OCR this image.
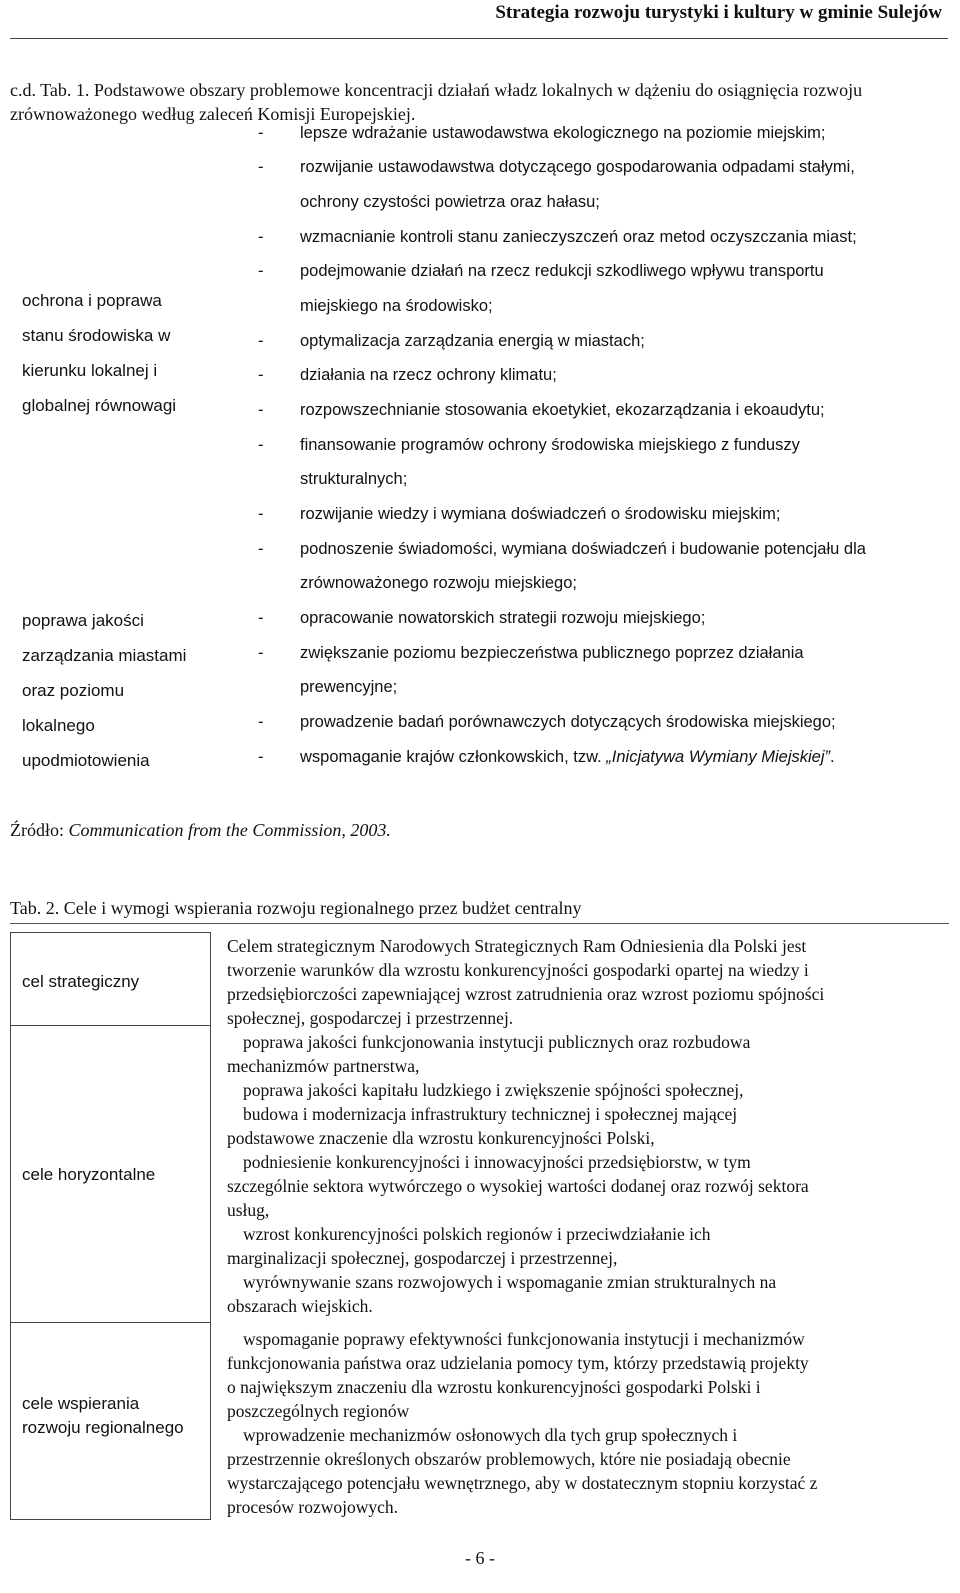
Strategia rozwoju turystyki i kultury w gminie Sulejów
c.d. Tab. 1. Podstawowe obszary problemowe koncentracji działań władz lokalnych w dążeniu do osiągnięcia rozwoju zrównoważonego według zaleceń Komisji Europejskiej.
ochrona i poprawa
stanu środowiska w
kierunku lokalnej i
globalnej równowagi
poprawa jakości
zarządzania miastami
oraz poziomu
lokalnego
upodmiotowienia
- lepsze wdrażanie ustawodawstwa ekologicznego na poziomie miejskim;
- rozwijanie ustawodawstwa dotyczącego gospodarowania odpadami stałymi,
ochrony czystości powietrza oraz hałasu;
- wzmacnianie kontroli stanu zanieczyszczeń oraz metod oczyszczania miast;
- podejmowanie działań na rzecz redukcji szkodliwego wpływu transportu
miejskiego na środowisko;
- optymalizacja zarządzania energią w miastach;
- działania na rzecz ochrony klimatu;
- rozpowszechnianie stosowania ekoetykiet, ekozarządzania i ekoaudytu;
- finansowanie programów ochrony środowiska miejskiego z funduszy
strukturalnych;
- rozwijanie wiedzy i wymiana doświadczeń o środowisku miejskim;
- podnoszenie świadomości, wymiana doświadczeń i budowanie potencjału dla
zrównoważonego rozwoju miejskiego;
- opracowanie nowatorskich strategii rozwoju miejskiego;
- zwiększanie poziomu bezpieczeństwa publicznego poprzez działania
prewencyjne;
- prowadzenie badań porównawczych dotyczących środowiska miejskiego;
- wspomaganie krajów członkowskich, tzw. „Inicjatywa Wymiany Miejskiej”.
Źródło: Communication from the Commission, 2003.
Tab. 2. Cele i wymogi wspierania rozwoju regionalnego przez budżet centralny
cel strategiczny
cele horyzontalne
cele wspierania
rozwoju regionalnego
Celem strategicznym Narodowych Strategicznych Ram Odniesienia dla Polski jest
tworzenie warunków dla wzrostu konkurencyjności gospodarki opartej na wiedzy i
przedsiębiorczości zapewniającej wzrost zatrudnienia oraz wzrost poziomu spójności
społecznej, gospodarczej i przestrzennej.
poprawa jakości funkcjonowania instytucji publicznych oraz rozbudowa
mechanizmów partnerstwa,
poprawa jakości kapitału ludzkiego i zwiększenie spójności społecznej,
budowa i modernizacja infrastruktury technicznej i społecznej mającej
podstawowe znaczenie dla wzrostu konkurencyjności Polski,
podniesienie konkurencyjności i innowacyjności przedsiębiorstw, w tym
szczególnie sektora wytwórczego o wysokiej wartości dodanej oraz rozwój sektora
usług,
wzrost konkurencyjności polskich regionów i przeciwdziałanie ich
marginalizacji społecznej, gospodarczej i przestrzennej,
wyrównywanie szans rozwojowych i wspomaganie zmian strukturalnych na
obszarach wiejskich.
wspomaganie poprawy efektywności funkcjonowania instytucji i mechanizmów
funkcjonowania państwa oraz udzielania pomocy tym, którzy przedstawią projekty
o największym znaczeniu dla wzrostu konkurencyjności gospodarki Polski i
poszczególnych regionów
wprowadzenie mechanizmów osłonowych dla tych grup społecznych i
przestrzennie określonych obszarów problemowych, które nie posiadają obecnie
wystarczającego potencjału wewnętrznego, aby w dostatecznym stopniu korzystać z
procesów rozwojowych.
- 6 -
